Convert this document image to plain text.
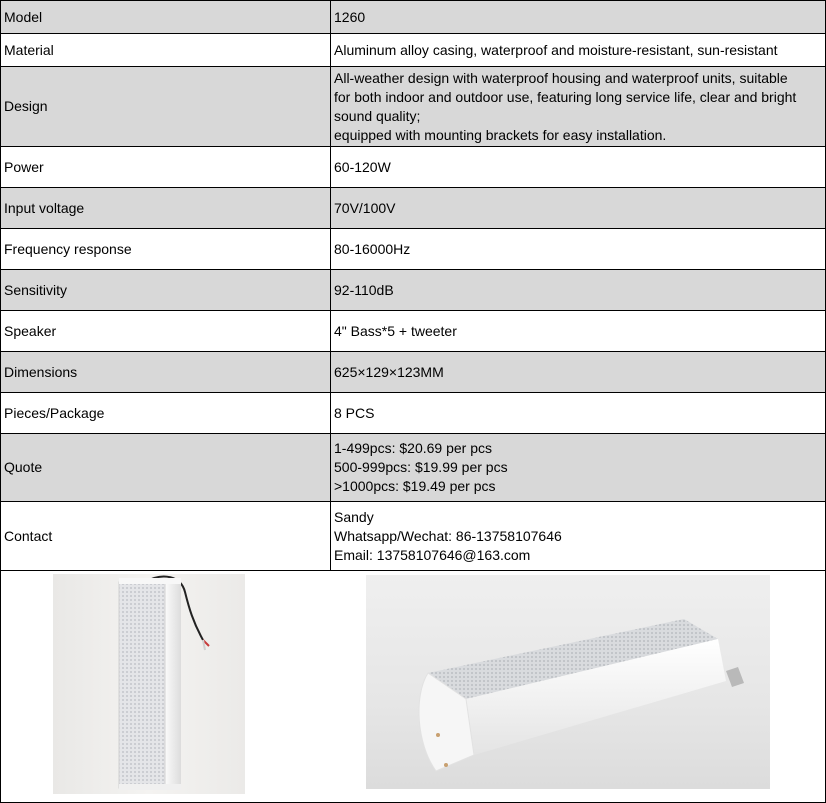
Model	1260
Material	Aluminum alloy casing, waterproof and moisture-resistant, sun-resistant
Design	All-weather design with waterproof housing and waterproof units, suitable
for both indoor and outdoor use, featuring long service life, clear and bright
sound quality;
equipped with mounting brackets for easy installation.
Power	60-120W
Input voltage	70V/100V
Frequency response	80-16000Hz
Sensitivity	92-110dB
Speaker	4" Bass*5 + tweeter
Dimensions	625×129×123MM
Pieces/Package	8 PCS
Quote	1-499pcs: $20.69 per pcs
500-999pcs: $19.99 per pcs
>1000pcs: $19.49 per pcs
Contact	Sandy
Whatsapp/Wechat: 86-13758107646
Email: 13758107646@163.com
